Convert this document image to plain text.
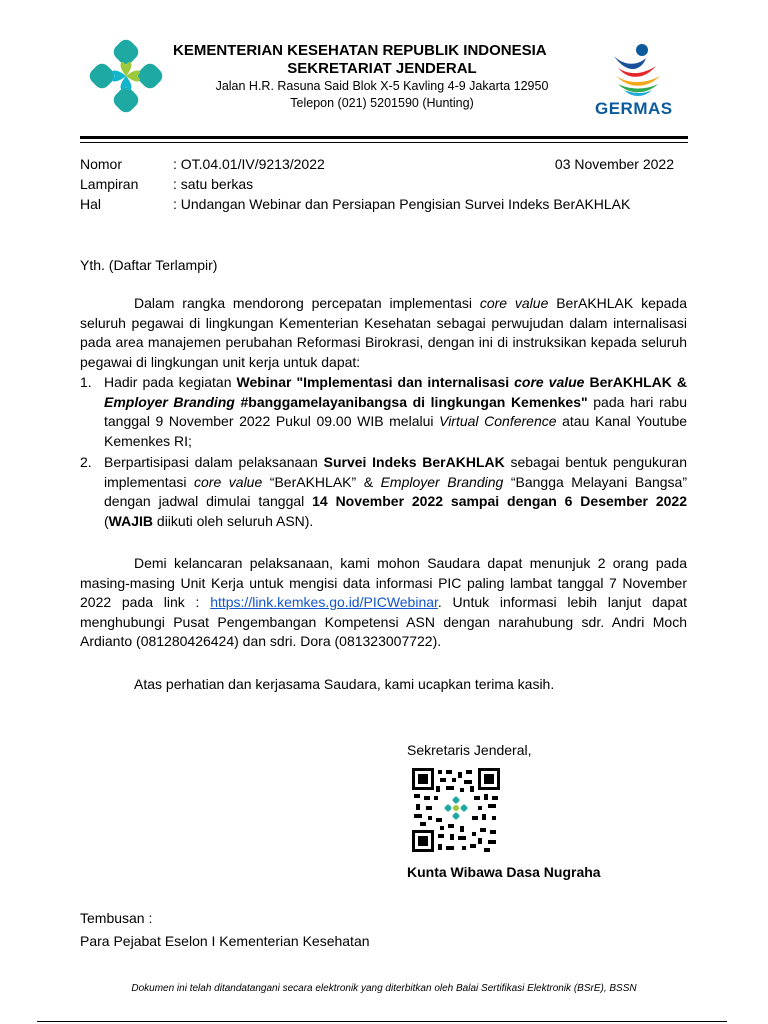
KEMENTERIAN KESEHATAN REPUBLIK INDONESIA
SEKRETARIAT JENDERAL
Jalan H.R. Rasuna Said Blok X-5 Kavling 4-9 Jakarta 12950
Telepon (021) 5201590 (Hunting)	GERMAS
Nomor	: OT.04.01/IV/9213/2022	03 November 2022
Lampiran : satu berkas
Hal	: Undangan Webinar dan Persiapan Pengisian Survei Indeks BerAKHLAK
Yth. (Daftar Terlampir)
Dalam rangka mendorong percepatan implementasi core value BerAKHLAK kepada seluruh pegawai di lingkungan Kementerian Kesehatan sebagai perwujudan dalam internalisasi pada area manajemen perubahan Reformasi Birokrasi, dengan ini di instruksikan kepada seluruh pegawai di lingkungan unit kerja untuk dapat:
1. Hadir pada kegiatan Webinar "Implementasi dan internalisasi core value BerAKHLAK & Employer Branding #banggamelayanibangsa di lingkungan Kemenkes" pada hari rabu tanggal 9 November 2022 Pukul 09.00 WIB melalui Virtual Conference atau Kanal Youtube Kemenkes RI;
2. Berpartisipasi dalam pelaksanaan Survei Indeks BerAKHLAK sebagai bentuk pengukuran implementasi core value “BerAKHLAK” & Employer Branding “Bangga Melayani Bangsa” dengan jadwal dimulai tanggal 14 November 2022 sampai dengan 6 Desember 2022 (WAJIB diikuti oleh seluruh ASN).
Demi kelancaran pelaksanaan, kami mohon Saudara dapat menunjuk 2 orang pada masing-masing Unit Kerja untuk mengisi data informasi PIC paling lambat tanggal 7 November 2022 pada link : https://link.kemkes.go.id/PICWebinar. Untuk informasi lebih lanjut dapat menghubungi Pusat Pengembangan Kompetensi ASN dengan narahubung sdr. Andri Moch Ardianto (081280426424) dan sdri. Dora (081323007722).
Atas perhatian dan kerjasama Saudara, kami ucapkan terima kasih.
Sekretaris Jenderal,
Kunta Wibawa Dasa Nugraha
Tembusan :
Para Pejabat Eselon I Kementerian Kesehatan
Dokumen ini telah ditandatangani secara elektronik yang diterbitkan oleh Balai Sertifikasi Elektronik (BSrE), BSSN
